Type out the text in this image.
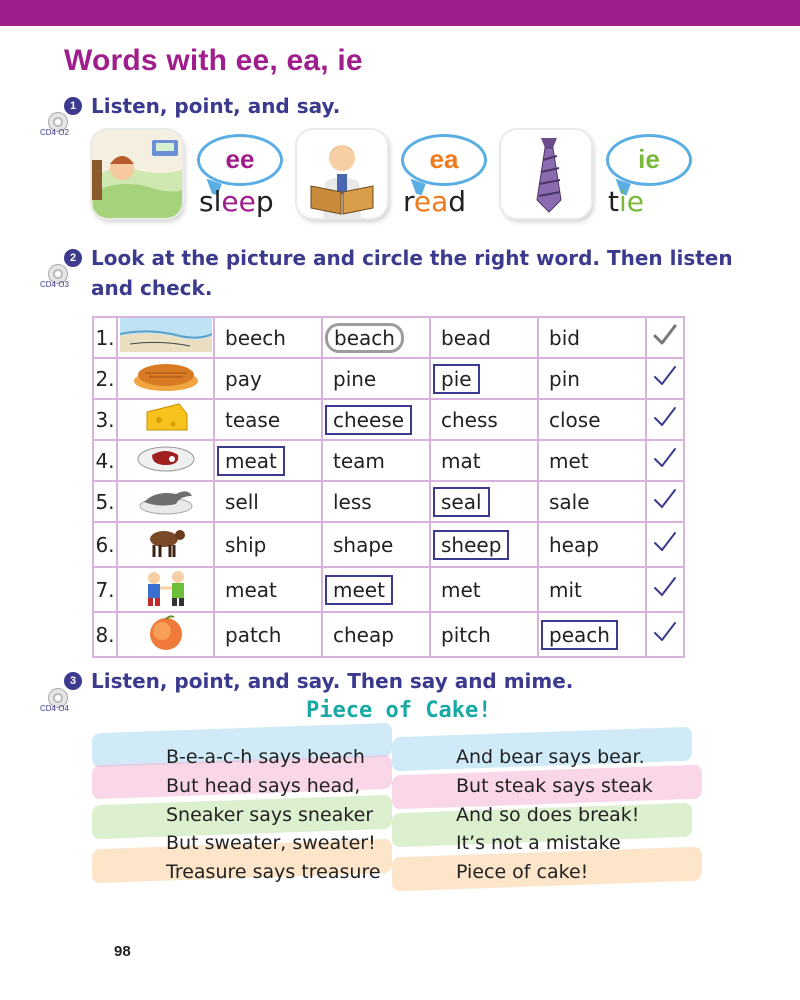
Words with ee, ea, ie
1 Listen, point, and say.
CD4 O2
ee
sleep
ea
read
ie
tie
2 Look at the picture and circle the right word. Then listen
and check.
CD4 O3
1.		beech	beach	bead	bid	
2.		pay	pine	pie	pin	
3.		tease	cheese	chess	close	
4.		meat	team	mat	met	
5.		sell	less	seal	sale	
6.		ship	shape	sheep	heap	
7.		meat	meet	met	mit	
8.		patch	cheap	pitch	peach	
3 Listen, point, and say. Then say and mime.
CD4 O4	Piece of Cake!
B-e-a-c-h says beach
But head says head,
Sneaker says sneaker
But sweater, sweater!
Treasure says treasure
And bear says bear.
But steak says steak
And so does break!
It’s not a mistake
Piece of cake!
98
